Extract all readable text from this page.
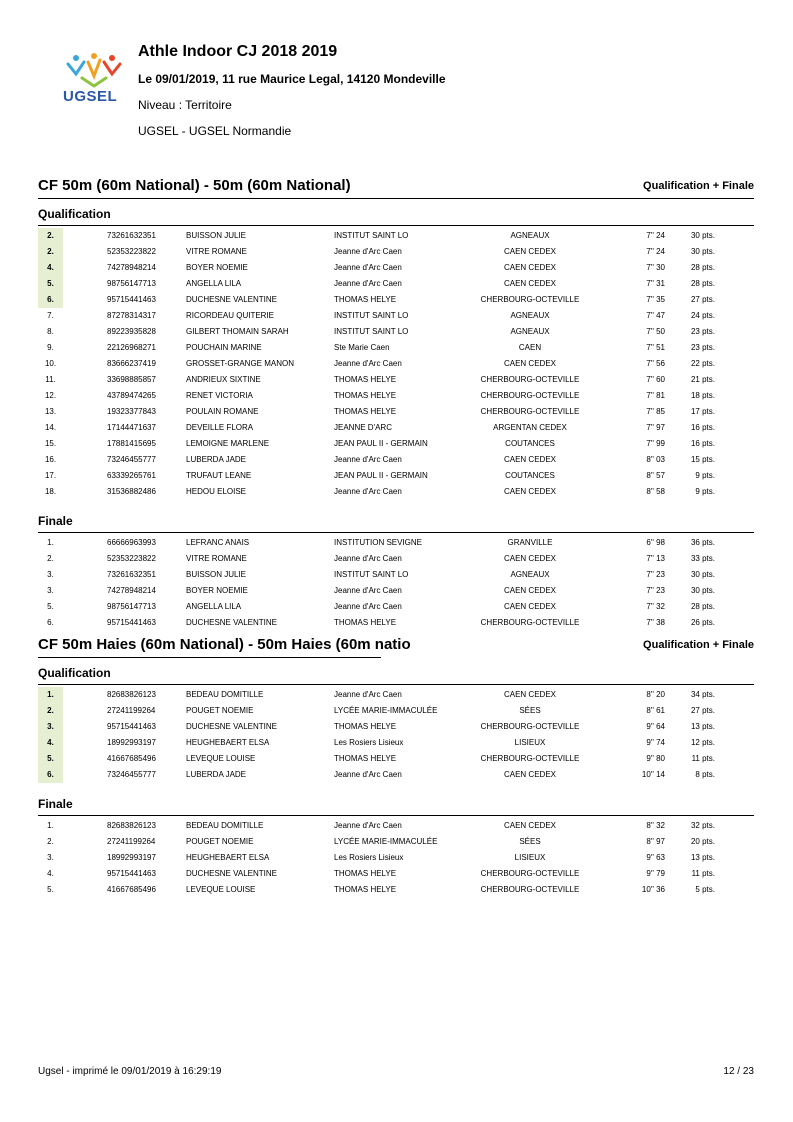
UGSEL
Athle Indoor CJ 2018 2019
Le 09/01/2019, 11 rue Maurice Legal, 14120 Mondeville
Niveau : Territoire
UGSEL - UGSEL Normandie
CF 50m (60m National) - 50m (60m National)	Qualification + Finale
Qualification
2.	73261632351	BUISSON JULIE	INSTITUT SAINT LO	AGNEAUX	7'' 24	30 pts.
2.	52353223822	VITRE ROMANE	Jeanne d'Arc Caen	CAEN CEDEX	7'' 24	30 pts.
4.	74278948214	BOYER NOEMIE	Jeanne d'Arc Caen	CAEN CEDEX	7'' 30	28 pts.
5.	98756147713	ANGELLA LILA	Jeanne d'Arc Caen	CAEN CEDEX	7'' 31	28 pts.
6.	95715441463	DUCHESNE VALENTINE	THOMAS HELYE	CHERBOURG-OCTEVILLE	7'' 35	27 pts.
7.	87278314317	RICORDEAU QUITERIE	INSTITUT SAINT LO	AGNEAUX	7'' 47	24 pts.
8.	89223935828	GILBERT THOMAIN SARAH	INSTITUT SAINT LO	AGNEAUX	7'' 50	23 pts.
9.	22126968271	POUCHAIN MARINE	Ste Marie Caen	CAEN	7'' 51	23 pts.
10.	83666237419	GROSSET-GRANGE MANON	Jeanne d'Arc Caen	CAEN CEDEX	7'' 56	22 pts.
11.	33698885857	ANDRIEUX SIXTINE	THOMAS HELYE	CHERBOURG-OCTEVILLE	7'' 60	21 pts.
12.	43789474265	RENET VICTORIA	THOMAS HELYE	CHERBOURG-OCTEVILLE	7'' 81	18 pts.
13.	19323377843	POULAIN ROMANE	THOMAS HELYE	CHERBOURG-OCTEVILLE	7'' 85	17 pts.
14.	17144471637	DEVEILLE FLORA	JEANNE D'ARC	ARGENTAN CEDEX	7'' 97	16 pts.
15.	17881415695	LEMOIGNE MARLENE	JEAN PAUL II - GERMAIN	COUTANCES	7'' 99	16 pts.
16.	73246455777	LUBERDA JADE	Jeanne d'Arc Caen	CAEN CEDEX	8'' 03	15 pts.
17.	63339265761	TRUFAUT LEANE	JEAN PAUL II - GERMAIN	COUTANCES	8'' 57	9 pts.
18.	31536882486	HEDOU ELOISE	Jeanne d'Arc Caen	CAEN CEDEX	8'' 58	9 pts.
Finale
1.	66666963993	LEFRANC ANAIS	INSTITUTION SEVIGNE	GRANVILLE	6'' 98	36 pts.
2.	52353223822	VITRE ROMANE	Jeanne d'Arc Caen	CAEN CEDEX	7'' 13	33 pts.
3.	73261632351	BUISSON JULIE	INSTITUT SAINT LO	AGNEAUX	7'' 23	30 pts.
3.	74278948214	BOYER NOEMIE	Jeanne d'Arc Caen	CAEN CEDEX	7'' 23	30 pts.
5.	98756147713	ANGELLA LILA	Jeanne d'Arc Caen	CAEN CEDEX	7'' 32	28 pts.
6.	95715441463	DUCHESNE VALENTINE	THOMAS HELYE	CHERBOURG-OCTEVILLE	7'' 38	26 pts.
CF 50m Haies (60m National) - 50m Haies (60m natio	Qualification + Finale
Qualification
1.	82683826123	BEDEAU DOMITILLE	Jeanne d'Arc Caen	CAEN CEDEX	8'' 20	34 pts.
2.	27241199264	POUGET NOEMIE	LYCÉE MARIE-IMMACULÉE	SÉES	8'' 61	27 pts.
3.	95715441463	DUCHESNE VALENTINE	THOMAS HELYE	CHERBOURG-OCTEVILLE	9'' 64	13 pts.
4.	18992993197	HEUGHEBAERT ELSA	Les Rosiers Lisieux	LISIEUX	9'' 74	12 pts.
5.	41667685496	LEVEQUE LOUISE	THOMAS HELYE	CHERBOURG-OCTEVILLE	9'' 80	11 pts.
6.	73246455777	LUBERDA JADE	Jeanne d'Arc Caen	CAEN CEDEX	10'' 14	8 pts.
Finale
1.	82683826123	BEDEAU DOMITILLE	Jeanne d'Arc Caen	CAEN CEDEX	8'' 32	32 pts.
2.	27241199264	POUGET NOEMIE	LYCÉE MARIE-IMMACULÉE	SÉES	8'' 97	20 pts.
3.	18992993197	HEUGHEBAERT ELSA	Les Rosiers Lisieux	LISIEUX	9'' 63	13 pts.
4.	95715441463	DUCHESNE VALENTINE	THOMAS HELYE	CHERBOURG-OCTEVILLE	9'' 79	11 pts.
5.	41667685496	LEVEQUE LOUISE	THOMAS HELYE	CHERBOURG-OCTEVILLE	10'' 36	5 pts.
Ugsel - imprimé le 09/01/2019 à 16:29:19	12 / 23
